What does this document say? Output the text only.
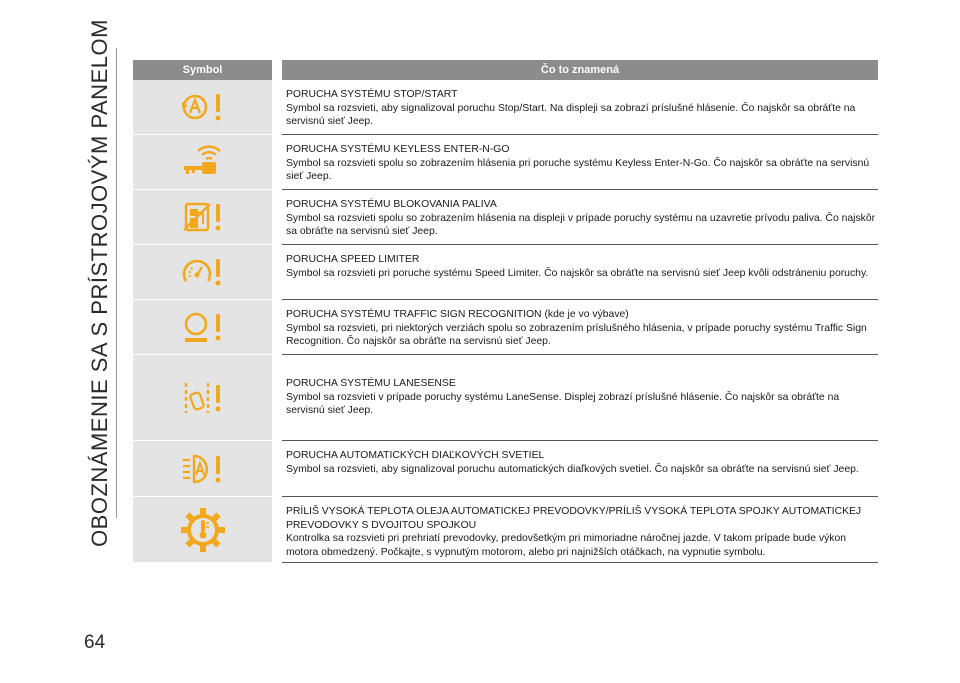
OBOZNÁMENIE SA S PRÍSTROJOVÝM PANELOM
64
Symbol		Čo to znamená

PORUCHA SYSTÉMU STOP/START
Symbol sa rozsvieti, aby signalizoval poruchu Stop/Start. Na displeji sa zobrazí príslušné hlásenie. Čo najskôr sa obráťte na servisnú sieť Jeep.

PORUCHA SYSTÉMU KEYLESS ENTER-N-GO
Symbol sa rozsvieti spolu so zobrazením hlásenia pri poruche systému Keyless Enter-N-Go. Čo najskôr sa obráťte na servisnú sieť Jeep.

PORUCHA SYSTÉMU BLOKOVANIA PALIVA
Symbol sa rozsvieti spolu so zobrazením hlásenia na displeji v prípade poruchy systému na uzavretie prívodu paliva. Čo najskôr sa obráťte na servisnú sieť Jeep.

PORUCHA SPEED LIMITER
Symbol sa rozsvieti pri poruche systému Speed Limiter. Čo najskôr sa obráťte na servisnú sieť Jeep kvôli odstráneniu poruchy.

PORUCHA SYSTÉMU TRAFFIC SIGN RECOGNITION (kde je vo výbave)
Symbol sa rozsvieti, pri niektorých verziách spolu so zobrazením príslušného hlásenia, v prípade poruchy systému Traffic Sign Recognition. Čo najskôr sa obráťte na servisnú sieť Jeep.

PORUCHA SYSTÉMU LANESENSE
Symbol sa rozsvieti v prípade poruchy systému LaneSense. Displej zobrazí príslušné hlásenie. Čo najskôr sa obráťte na servisnú sieť Jeep.

PORUCHA AUTOMATICKÝCH DIAĽKOVÝCH SVETIEL
Symbol sa rozsvieti, aby signalizoval poruchu automatických diaľkových svetiel. Čo najskôr sa obráťte na servisnú sieť Jeep.

PRÍLIŠ VYSOKÁ TEPLOTA OLEJA AUTOMATICKEJ PREVODOVKY/PRÍLIŠ VYSOKÁ TEPLOTA SPOJKY AUTOMATICKEJ PREVODOVKY S DVOJITOU SPOJKOU
Kontrolka sa rozsvieti pri prehriatí prevodovky, predovšetkým pri mimoriadne náročnej jazde. V takom prípade bude výkon motora obmedzený. Počkajte, s vypnutým motorom, alebo pri najnižších otáčkach, na vypnutie symbolu.
